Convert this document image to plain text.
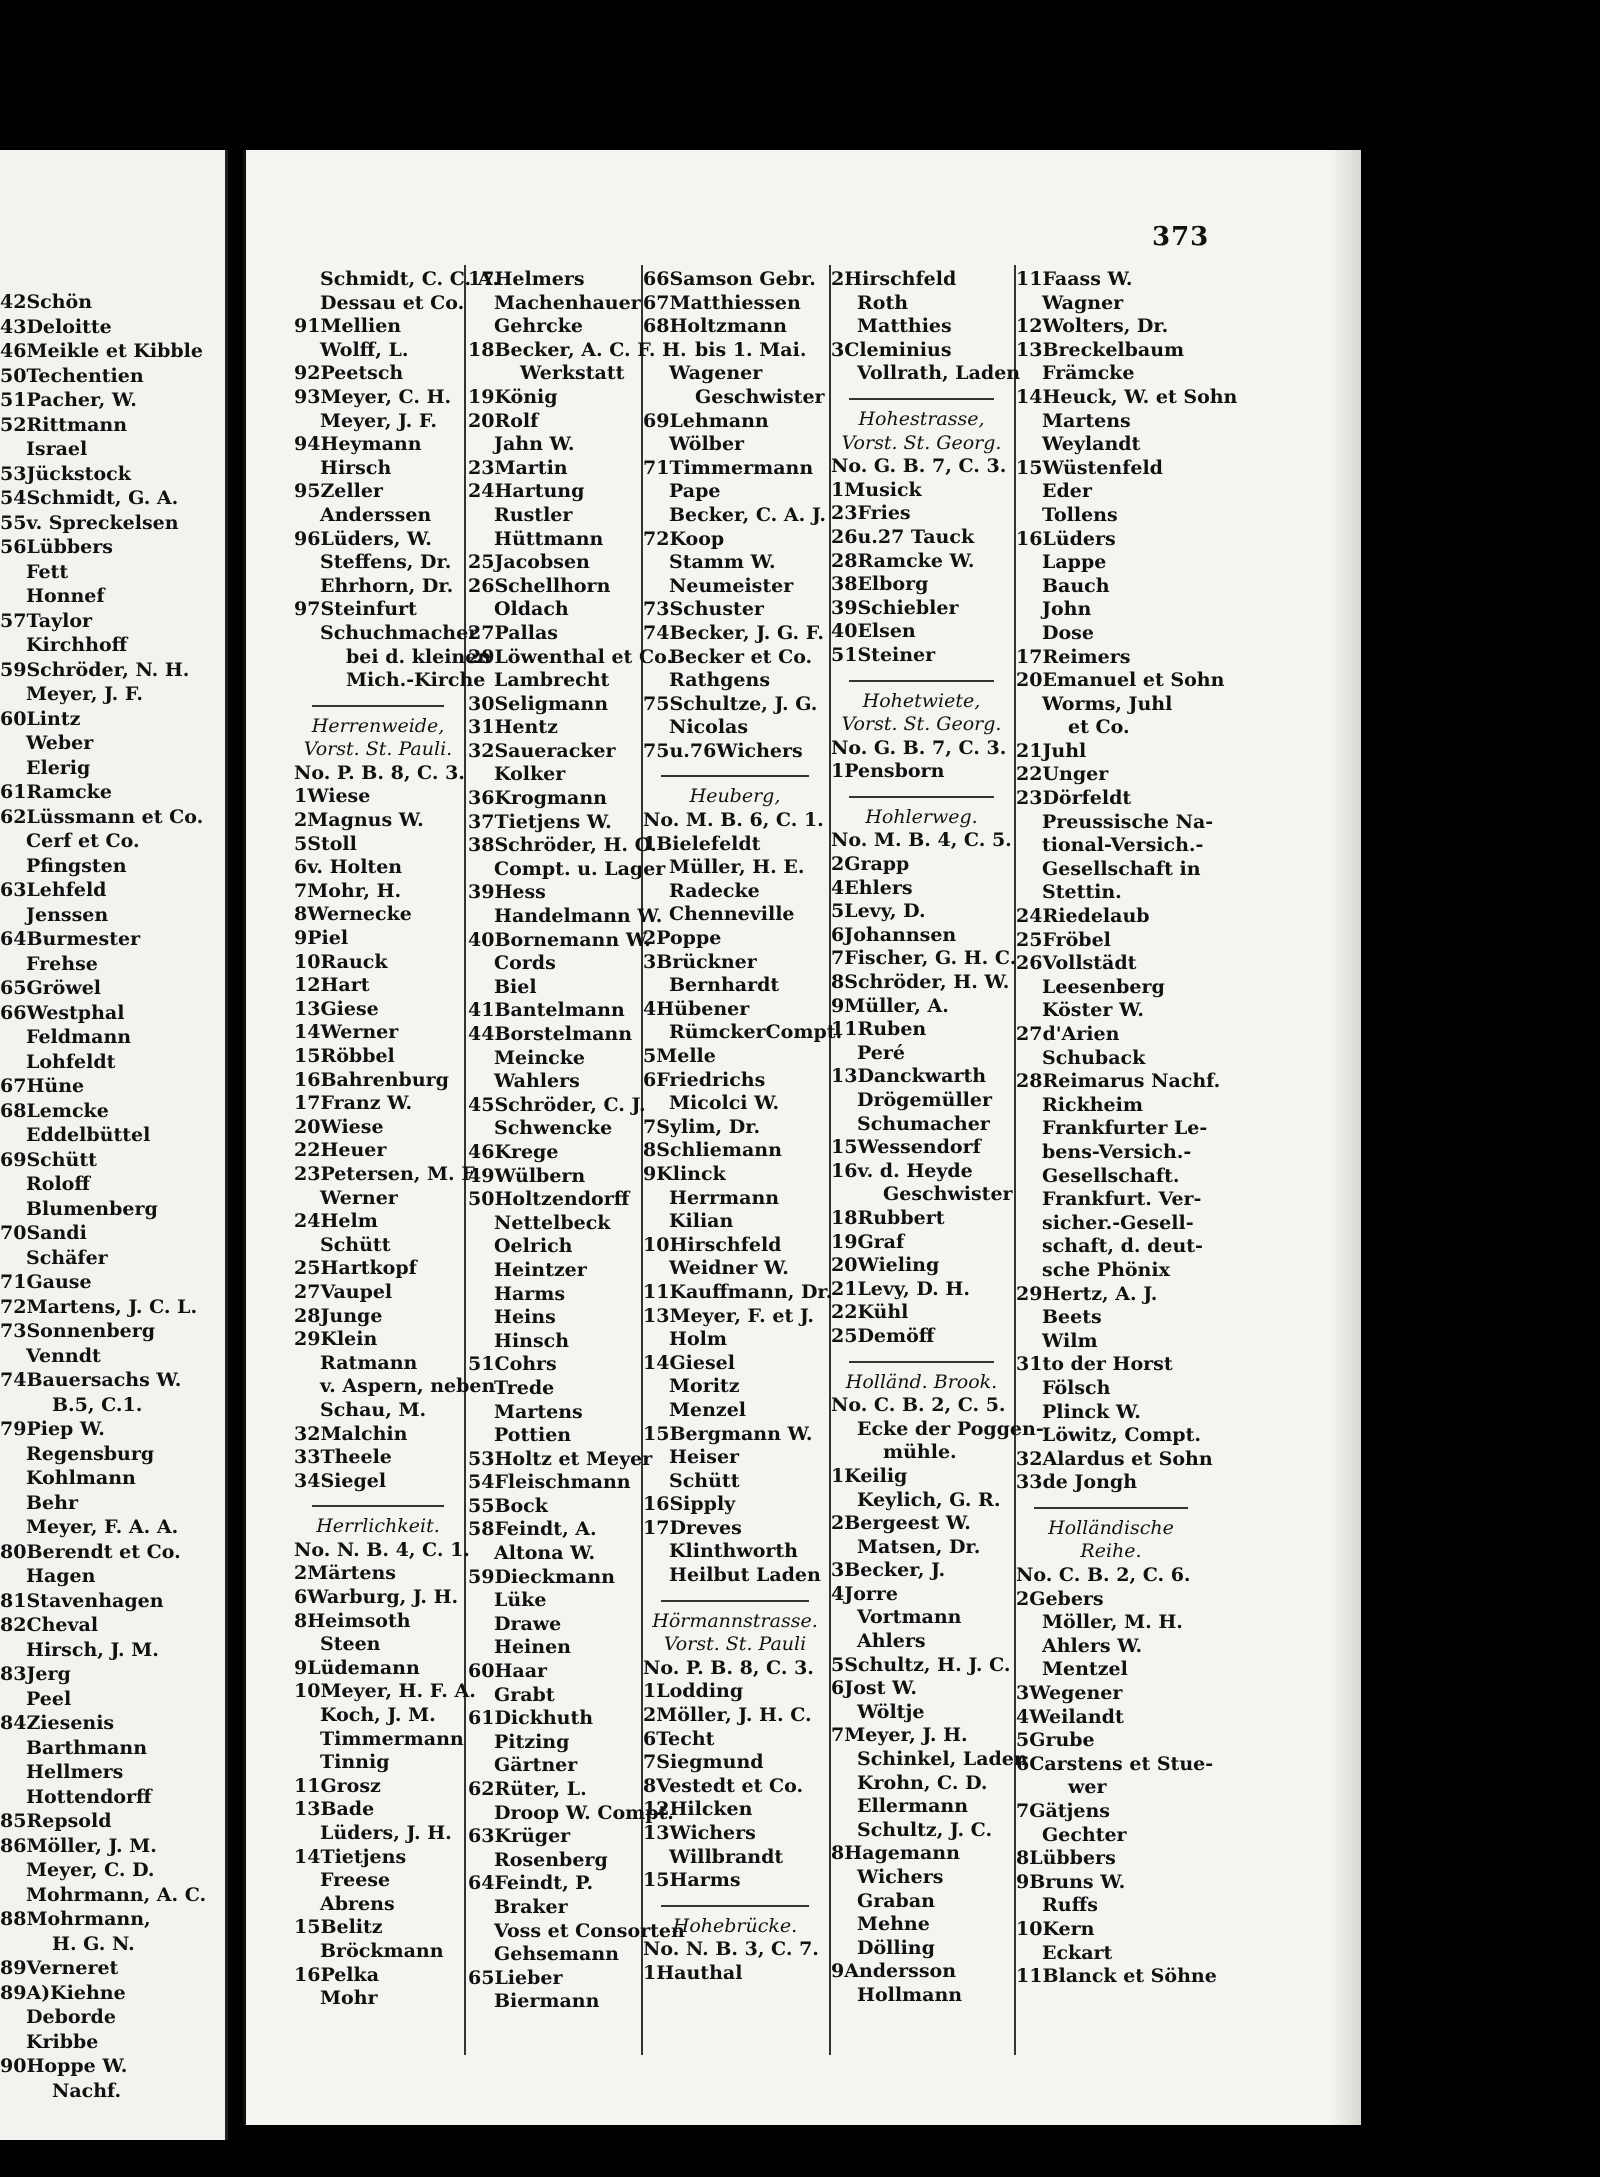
42Schön
43Deloitte
46Meikle et Kibble
50Techentien
51Pacher, W.
52Rittmann
Israel
53Jückstock
54Schmidt, G. A.
55v. Spreckelsen
56Lübbers
Fett
Honnef
57Taylor
Kirchhoff
59Schröder, N. H.
Meyer, J. F.
60Lintz
Weber
Elerig
61Ramcke
62Lüssmann et Co.
Cerf et Co.
Pfingsten
63Lehfeld
Jenssen
64Burmester
Frehse
65Gröwel
66Westphal
Feldmann
Lohfeldt
67Hüne
68Lemcke
Eddelbüttel
69Schütt
Roloff
Blumenberg
70Sandi
Schäfer
71Gause
72Martens, J. C. L.
73Sonnenberg
Venndt
74Bauersachs W.
B.5, C.1.
79Piep W.
Regensburg
Kohlmann
Behr
Meyer, F. A. A.
80Berendt et Co.
Hagen
81Stavenhagen
82Cheval
Hirsch, J. M.
83Jerg
Peel
84Ziesenis
Barthmann
Hellmers
Hottendorff
85Repsold
86Möller, J. M.
Meyer, C. D.
Mohrmann, A. C.
88Mohrmann,
H. G. N.
89Verneret
89A)Kiehne
Deborde
Kribbe
90Hoppe W.
Nachf.
373
Schmidt, C. C. A.
Dessau et Co.
91Mellien
Wolff, L.
92Peetsch
93Meyer, C. H.
Meyer, J. F.
94Heymann
Hirsch
95Zeller
Anderssen
96Lüders, W.
Steffens, Dr.
Ehrhorn, Dr.
97Steinfurt
Schuchmacher
bei d. kleinen
Mich.-Kirche
Herrenweide,
Vorst. St. Pauli.
No. P. B. 8, C. 3.
1Wiese
2Magnus W.
5Stoll
6v. Holten
7Mohr, H.
8Wernecke
9Piel
10Rauck
12Hart
13Giese
14Werner
15Röbbel
16Bahrenburg
17Franz W.
20Wiese
22Heuer
23Petersen, M. F.
Werner
24Helm
Schütt
25Hartkopf
27Vaupel
28Junge
29Klein
Ratmann
v. Aspern, neben
Schau, M.
32Malchin
33Theele
34Siegel
Herrlichkeit.
No. N. B. 4, C. 1.
2Märtens
6Warburg, J. H.
8Heimsoth
Steen
9Lüdemann
10Meyer, H. F. A.
Koch, J. M.
Timmermann
Tinnig
11Grosz
13Bade
Lüders, J. H.
14Tietjens
Freese
Abrens
15Belitz
Bröckmann
16Pelka
Mohr
17Helmers
Machenhauer
Gehrcke
18Becker, A. C. F. H.
Werkstatt
19König
20Rolf
Jahn W.
23Martin
24Hartung
Rustler
Hüttmann
25Jacobsen
26Schellhorn
Oldach
27Pallas
29Löwenthal et Co.
Lambrecht
30Seligmann
31Hentz
32Saueracker
Kolker
36Krogmann
37Tietjens W.
38Schröder, H. O.
Compt. u. Lager
39Hess
Handelmann W.
40Bornemann W.
Cords
Biel
41Bantelmann
44Borstelmann
Meincke
Wahlers
45Schröder, C. J.
Schwencke
46Krege
49Wülbern
50Holtzendorff
Nettelbeck
Oelrich
Heintzer
Harms
Heins
Hinsch
51Cohrs
Trede
Martens
Pottien
53Holtz et Meyer
54Fleischmann
55Bock
58Feindt, A.
Altona W.
59Dieckmann
Lüke
Drawe
Heinen
60Haar
Grabt
61Dickhuth
Pitzing
Gärtner
62Rüter, L.
Droop W. Compt.
63Krüger
Rosenberg
64Feindt, P.
Braker
Voss et Consorten
Gehsemann
65Lieber
Biermann
66Samson Gebr.
67Matthiessen
68Holtzmann
bis 1. Mai.
Wagener
Geschwister
69Lehmann
Wölber
71Timmermann
Pape
Becker, C. A. J.
72Koop
Stamm W.
Neumeister
73Schuster
74Becker, J. G. F.
Becker et Co.
Rathgens
75Schultze, J. G.
Nicolas
75u.76Wichers
Heuberg,
No. M. B. 6, C. 1.
1Bielefeldt
Müller, H. E.
Radecke
Chenneville
2Poppe
3Brückner
Bernhardt
4Hübener
RümckerCompt.
5Melle
6Friedrichs
Micolci W.
7Sylim, Dr.
8Schliemann
9Klinck
Herrmann
Kilian
10Hirschfeld
Weidner W.
11Kauffmann, Dr.
13Meyer, F. et J.
Holm
14Giesel
Moritz
Menzel
15Bergmann W.
Heiser
Schütt
16Sipply
17Dreves
Klinthworth
Heilbut Laden
Hörmannstrasse.
Vorst. St. Pauli
No. P. B. 8, C. 3.
1Lodding
2Möller, J. H. C.
6Techt
7Siegmund
8Vestedt et Co.
12Hilcken
13Wichers
Willbrandt
15Harms
Hohebrücke.
No. N. B. 3, C. 7.
1Hauthal
2Hirschfeld
Roth
Matthies
3Cleminius
Vollrath, Laden
Hohestrasse,
Vorst. St. Georg.
No. G. B. 7, C. 3.
1Musick
23Fries
26u.27 Tauck
28Ramcke W.
38Elborg
39Schiebler
40Elsen
51Steiner
Hohetwiete,
Vorst. St. Georg.
No. G. B. 7, C. 3.
1Pensborn
Hohlerweg.
No. M. B. 4, C. 5.
2Grapp
4Ehlers
5Levy, D.
6Johannsen
7Fischer, G. H. C.
8Schröder, H. W.
9Müller, A.
11Ruben
Peré
13Danckwarth
Drögemüller
Schumacher
15Wessendorf
16v. d. Heyde
Geschwister
18Rubbert
19Graf
20Wieling
21Levy, D. H.
22Kühl
25Demöff
Holländ. Brook.
No. C. B. 2, C. 5.
Ecke der Poggen-
mühle.
1Keilig
Keylich, G. R.
2Bergeest W.
Matsen, Dr.
3Becker, J.
4Jorre
Vortmann
Ahlers
5Schultz, H. J. C.
6Jost W.
Wöltje
7Meyer, J. H.
Schinkel, Laden
Krohn, C. D.
Ellermann
Schultz, J. C.
8Hagemann
Wichers
Graban
Mehne
Dölling
9Andersson
Hollmann
11Faass W.
Wagner
12Wolters, Dr.
13Breckelbaum
Främcke
14Heuck, W. et Sohn
Martens
Weylandt
15Wüstenfeld
Eder
Tollens
16Lüders
Lappe
Bauch
John
Dose
17Reimers
20Emanuel et Sohn
Worms, Juhl
et Co.
21Juhl
22Unger
23Dörfeldt
Preussische Na-
tional-Versich.-
Gesellschaft in
Stettin.
24Riedelaub
25Fröbel
26Vollstädt
Leesenberg
Köster W.
27d'Arien
Schuback
28Reimarus Nachf.
Rickheim
Frankfurter Le-
bens-Versich.-
Gesellschaft.
Frankfurt. Ver-
sicher.-Gesell-
schaft, d. deut-
sche Phönix
29Hertz, A. J.
Beets
Wilm
31to der Horst
Fölsch
Plinck W.
Löwitz, Compt.
32Alardus et Sohn
33de Jongh
Holländische
Reihe.
No. C. B. 2, C. 6.
2Gebers
Möller, M. H.
Ahlers W.
Mentzel
3Wegener
4Weilandt
5Grube
6Carstens et Stue-
wer
7Gätjens
Gechter
8Lübbers
9Bruns W.
Ruffs
10Kern
Eckart
11Blanck et Söhne
